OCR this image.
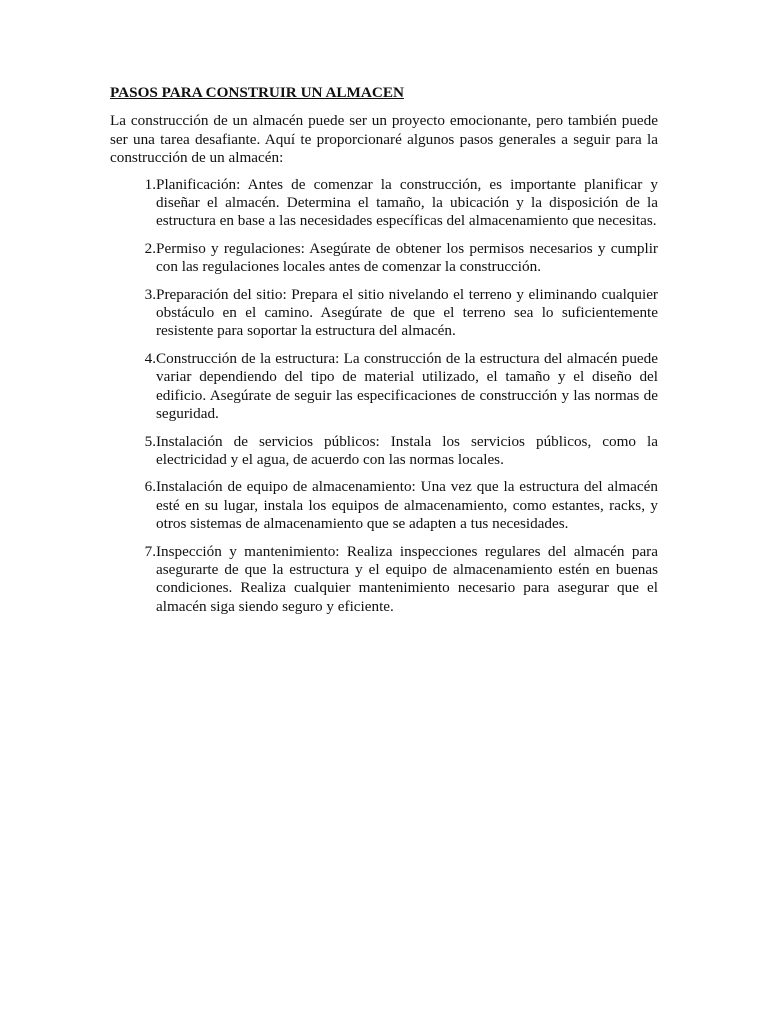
PASOS PARA CONSTRUIR UN ALMACEN

La construcción de un almacén puede ser un proyecto emocionante, pero también puede ser una tarea desafiante. Aquí te proporcionaré algunos pasos generales a seguir para la construcción de un almacén:

1. Planificación: Antes de comenzar la construcción, es importante planificar y diseñar el almacén. Determina el tamaño, la ubicación y la disposición de la estructura en base a las necesidades específicas del almacenamiento que necesitas.
2. Permiso y regulaciones: Asegúrate de obtener los permisos necesarios y cumplir con las regulaciones locales antes de comenzar la construcción.
3. Preparación del sitio: Prepara el sitio nivelando el terreno y eliminando cualquier obstáculo en el camino. Asegúrate de que el terreno sea lo suficientemente resistente para soportar la estructura del almacén.
4. Construcción de la estructura: La construcción de la estructura del almacén puede variar dependiendo del tipo de material utilizado, el tamaño y el diseño del edificio. Asegúrate de seguir las especificaciones de construcción y las normas de seguridad.
5. Instalación de servicios públicos: Instala los servicios públicos, como la electricidad y el agua, de acuerdo con las normas locales.
6. Instalación de equipo de almacenamiento: Una vez que la estructura del almacén esté en su lugar, instala los equipos de almacenamiento, como estantes, racks, y otros sistemas de almacenamiento que se adapten a tus necesidades.
7. Inspección y mantenimiento: Realiza inspecciones regulares del almacén para asegurarte de que la estructura y el equipo de almacenamiento estén en buenas condiciones. Realiza cualquier mantenimiento necesario para asegurar que el almacén siga siendo seguro y eficiente.
